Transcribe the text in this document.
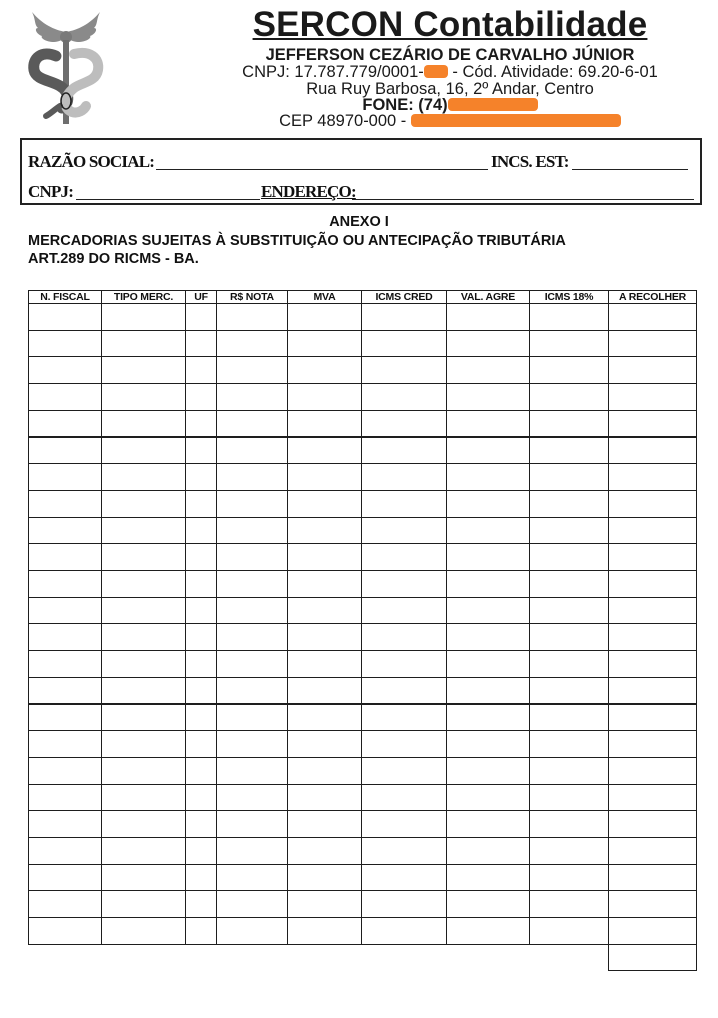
SERCON Contabilidade
JEFFERSON CEZÁRIO DE CARVALHO JÚNIOR
CNPJ: 17.787.779/0001- - Cód. Atividade: 69.20-6-01
Rua Ruy Barbosa, 16, 2º Andar, Centro
FONE: (74)
CEP 48970-000 -
RAZÃO SOCIAL:	INCS. EST:
CNPJ:	ENDEREÇO:
ANEXO I
MERCADORIAS SUJEITAS À SUBSTITUIÇÃO OU ANTECIPAÇÃO TRIBUTÁRIA
ART.289 DO RICMS - BA.
N. FISCAL	TIPO MERC.	UF	R$ NOTA	MVA	ICMS CRED	VAL. AGRE	ICMS 18%	A RECOLHER
